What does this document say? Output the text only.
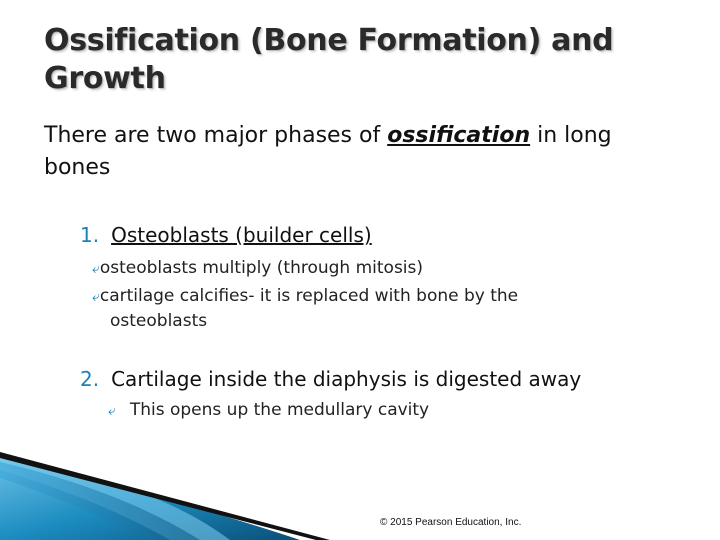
Ossification (Bone Formation) and Growth
There are two major phases of ossification in long bones
1. Osteoblasts (builder cells)
⤶osteoblasts multiply (through mitosis)
⤶cartilage calcifies- it is replaced with bone by the
osteoblasts
2. Cartilage inside the diaphysis is digested away
⤶ This opens up the medullary cavity
© 2015 Pearson Education, Inc.
